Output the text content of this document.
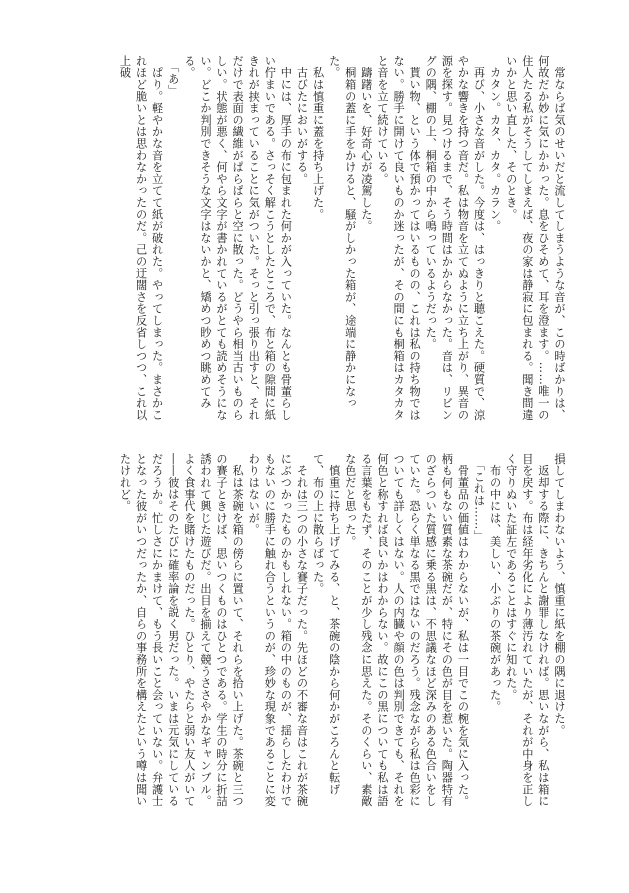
　常ならば気のせいだと流してしまうような音が、この時ばかりは、何故だか妙に気にかかった。息をひそめて、耳を澄ます。……唯一の住人たる私がそうしてしまえば、夜の家は静寂に包まれる。聞き間違いかと思い直した、そのとき。

　カタン。カタ、カタ。カラン。

　再び、小さな音がした。今度は、はっきりと聴こえた。硬質で、涼やかな響きを持つ音だ。私は物音を立てぬように立ち上がり、異音の源を探す。見つけるまで、そう時間はかからなかった。音は、リビングの隅、棚の上、桐箱の中から鳴っているようだった。

　貰い物、という体で預かってはいるものの、これは私の持ち物ではない。勝手に開けて良いものか迷ったが、その間にも桐箱はカタカタと音を立て続けている。

　躊躇いを、好奇心が凌駕した。

　桐箱の蓋に手をかけると、騒がしかった箱が、途端に静かになった。

　私は慎重に蓋を持ち上げた。

　古びたにおいがする。

　中には、厚手の布に包まれた何かが入っていた。なんとも骨董らしい佇まいである。さっそく解こうとしたところで、布と箱の隙間に紙きれが挟まっていることに気がついた。そっと引っ張り出すと、それだけで表面の繊維がぱらぱらと空に散った。どうやら相当古いものらしい。状態が悪く、何やら文字が書かれているがとても読めそうにない。どこか判別できそうな文字はないかと、矯めつ眇めつ眺めてみる。

　「あ」

　ぱり。軽やかな音を立てて紙が破れた。やってしまった。まさかこれほど脆いとは思わなかったのだ。己の迂闊さを反省しつつ、これ以上破

損してしまわないよう、慎重に紙を棚の隅に退けた。

　返却する際に、きちんと謝罪しなければ。思いながら、私は箱に目を戻す。布は経年劣化により薄汚れていたが、それが中身を正しく守りぬいた証左であることはすぐに知れた。

　布の中には、美しい、小ぶりの茶碗があった。

　「これは……」

　骨董品の価値はわからないが、私は一目でこの椀を気に入った。柄も何もない質素な茶碗だが、特にその色が目を惹いた。陶器特有のざらついた質感に乗る黒は、不思議なほど深みのある色合いをしていた。恐らく単なる黒ではないのだろう。残念ながら私は色彩についても詳しくはない。人の内臓や顔の色は判別できても、それを何色と称すれば良いかはわからない。故にこの黒についても私は語る言葉をもたず、そのことが少し残念に思えた。そのくらい、素敵な色だと思った。

　慎重に持ち上げてみる、と、茶碗の陰から何かがころんと転げて、布の上に散らばった。

　それは三つの小さな賽子だった。先ほどの不審な音はこれが茶碗にぶつかったものかもしれない。箱の中のものが、揺らしたわけでもないのに勝手に触れ合うというのが、珍妙な現象であることに変わりはないが。

　私は茶碗を箱の傍らに置いて、それらを拾い上げた。茶碗と三つの賽子ときけば、思いつくものはひとつである。学生の時分に折詰誘われて興じた遊びだ。出目を揃えて競うささやかなギャンブル。よく食事代を賭けたものだった。ひとり、やたらと弱い友人がいて――彼はそのたびに確率論を説く男だった。いまは元気にしているだろうか。忙しさにかまけて、もう長いこと会っていない。弁護士となった彼がいつだったか、自らの事務所を構えたという噂は聞いたけれど。
